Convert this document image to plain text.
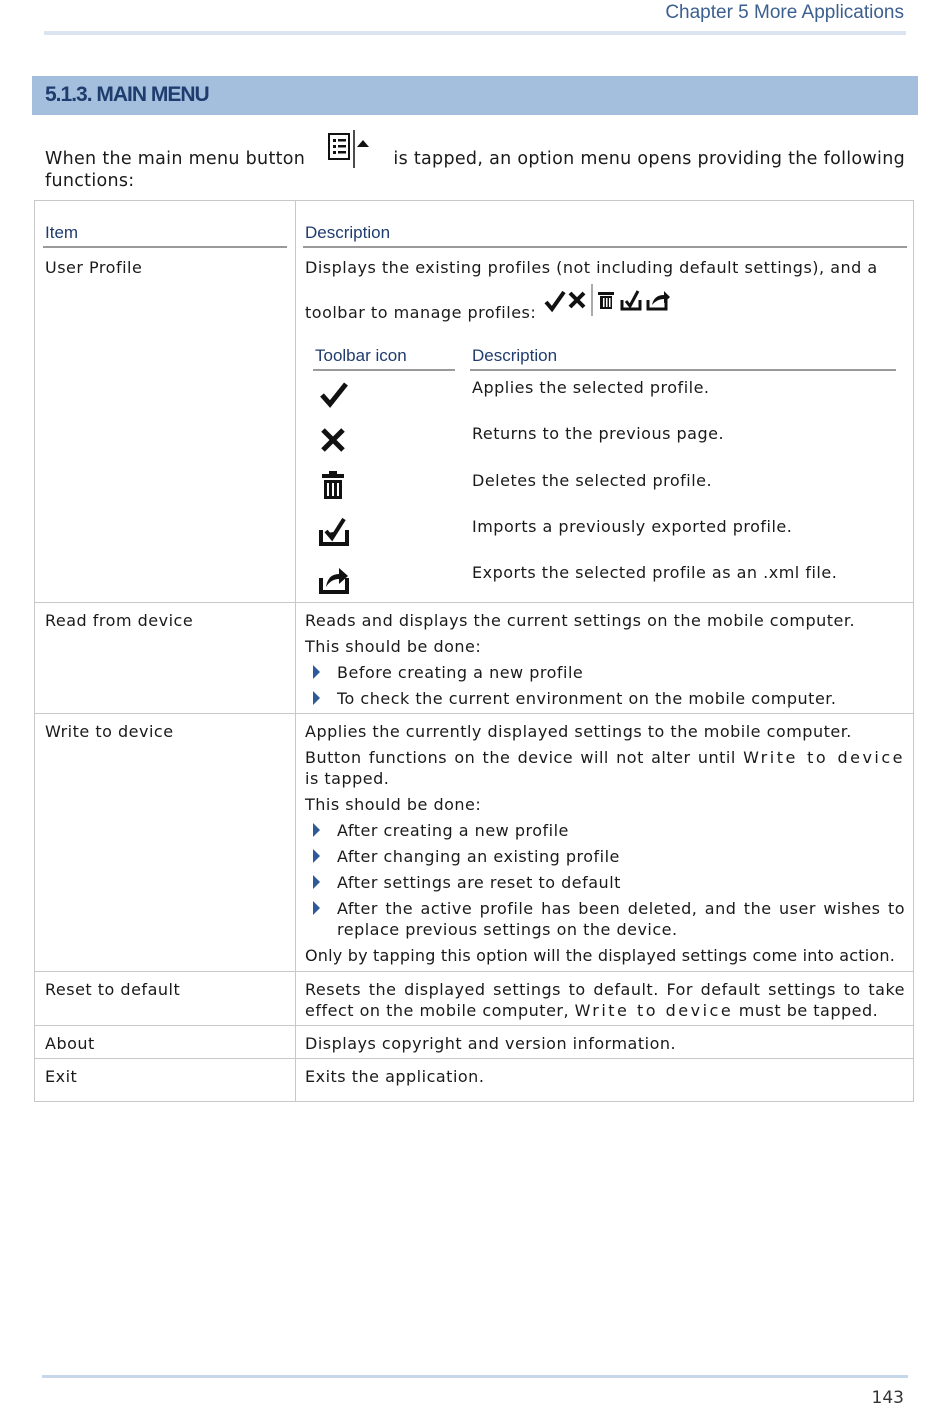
Chapter 5 More Applications
5.1.3. MAIN MENU
When the main menu button	is tapped, an option menu opens providing the following
functions:
Item	Description
User Profile	Displays the existing profiles (not including default settings), and a
toolbar to manage profiles:
Toolbar icon	Description
Applies the selected profile.
Returns to the previous page.
Deletes the selected profile.
Imports a previously exported profile.
Exports the selected profile as an .xml file.
Read from device	Reads and displays the current settings on the mobile computer.
This should be done:
Before creating a new profile
To check the current environment on the mobile computer.
Write to device	Applies the currently displayed settings to the mobile computer.
Button functions on the device will not alter until Write to device is tapped.
This should be done:
After creating a new profile
After changing an existing profile
After settings are reset to default
After the active profile has been deleted, and the user wishes to replace previous settings on the device.
Only by tapping this option will the displayed settings come into action.
Reset to default	Resets the displayed settings to default. For default settings to take effect on the mobile computer, Write to device must be tapped.
About	Displays copyright and version information.
Exit	Exits the application.
143
